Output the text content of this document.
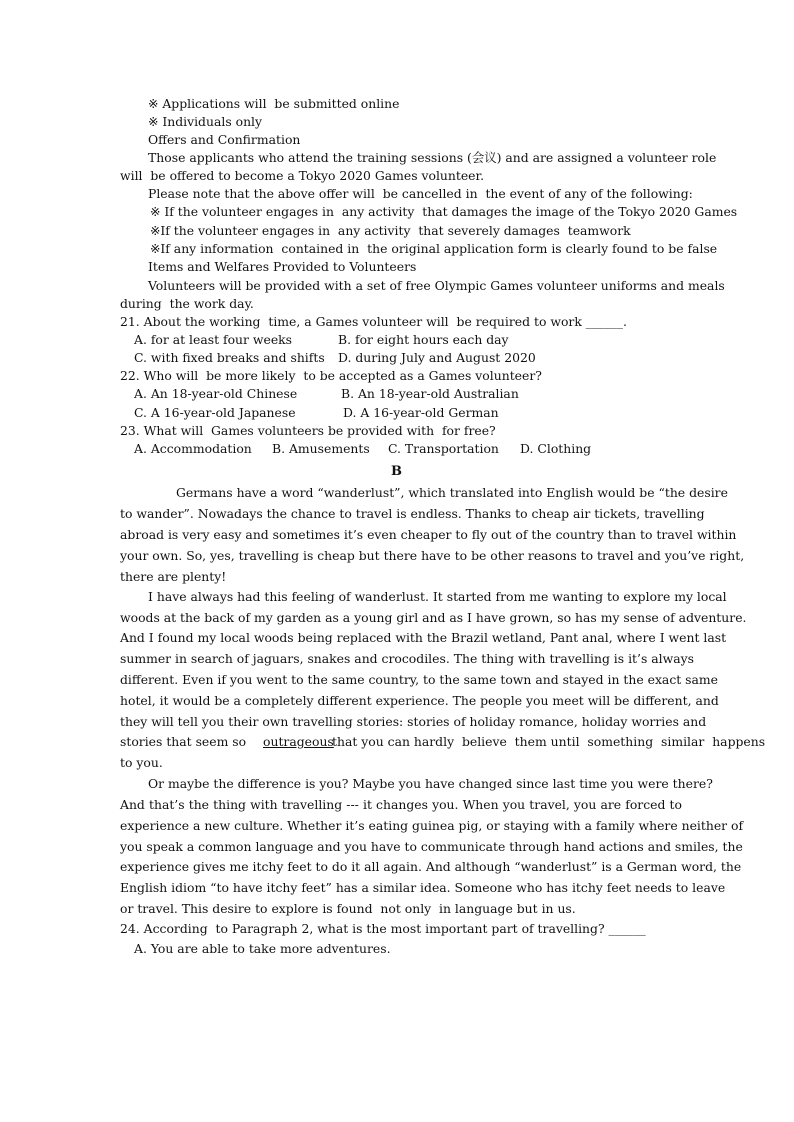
※ Applications will  be submitted online
※ Individuals only
Offers and Confirmation
Those applicants who attend the training sessions (会议) and are assigned a volunteer role
will  be offered to become a Tokyo 2020 Games volunteer.
Please note that the above offer will  be cancelled in  the event of any of the following:
※ If the volunteer engages in  any activity  that damages the image of the Tokyo 2020 Games
※If the volunteer engages in  any activity  that severely damages  teamwork
※If any information  contained in  the original application form is clearly found to be false
Items and Welfares Provided to Volunteers
Volunteers will be provided with a set of free Olympic Games volunteer uniforms and meals
during  the work day.
21. About the working  time, a Games volunteer will  be required to work ______.
A. for at least four weeks	B. for eight hours each day
C. with fixed breaks and shifts D. during July and August 2020
22. Who will  be more likely  to be accepted as a Games volunteer?
A. An 18-year-old Chinese	B. An 18-year-old Australian
C. A 16-year-old Japanese	D. A 16-year-old German
23. What will  Games volunteers be provided with  for free?
A. Accommodation B. Amusements C. Transportation D. Clothing
B
Germans have a word “wanderlust”, which translated into English would be “the desire
to wander”. Nowadays the chance to travel is endless. Thanks to cheap air tickets, travelling
abroad is very easy and sometimes it’s even cheaper to fly out of the country than to travel within
your own. So, yes, travelling is cheap but there have to be other reasons to travel and you’ve right,
there are plenty!
I have always had this feeling of wanderlust. It started from me wanting to explore my local
woods at the back of my garden as a young girl and as I have grown, so has my sense of adventure.
And I found my local woods being replaced with the Brazil wetland, Pant anal, where I went last
summer in search of jaguars, snakes and crocodiles. The thing with travelling is it’s always
different. Even if you went to the same country, to the same town and stayed in the exact same
hotel, it would be a completely different experience. The people you meet will be different, and
they will tell you their own travelling stories: stories of holiday romance, holiday worries and
stories that seem so outrageous
that you can hardly  believe  them until  something  similar  happens
to you.
Or maybe the difference is you? Maybe you have changed since last time you were there?
And that’s the thing with travelling --- it changes you. When you travel, you are forced to
experience a new culture. Whether it’s eating guinea pig, or staying with a family where neither of
you speak a common language and you have to communicate through hand actions and smiles, the
experience gives me itchy feet to do it all again. And although “wanderlust” is a German word, the
English idiom “to have itchy feet” has a similar idea. Someone who has itchy feet needs to leave
or travel. This desire to explore is found  not only  in language but in us.
24. According  to Paragraph 2, what is the most important part of travelling? ______
A. You are able to take more adventures.
